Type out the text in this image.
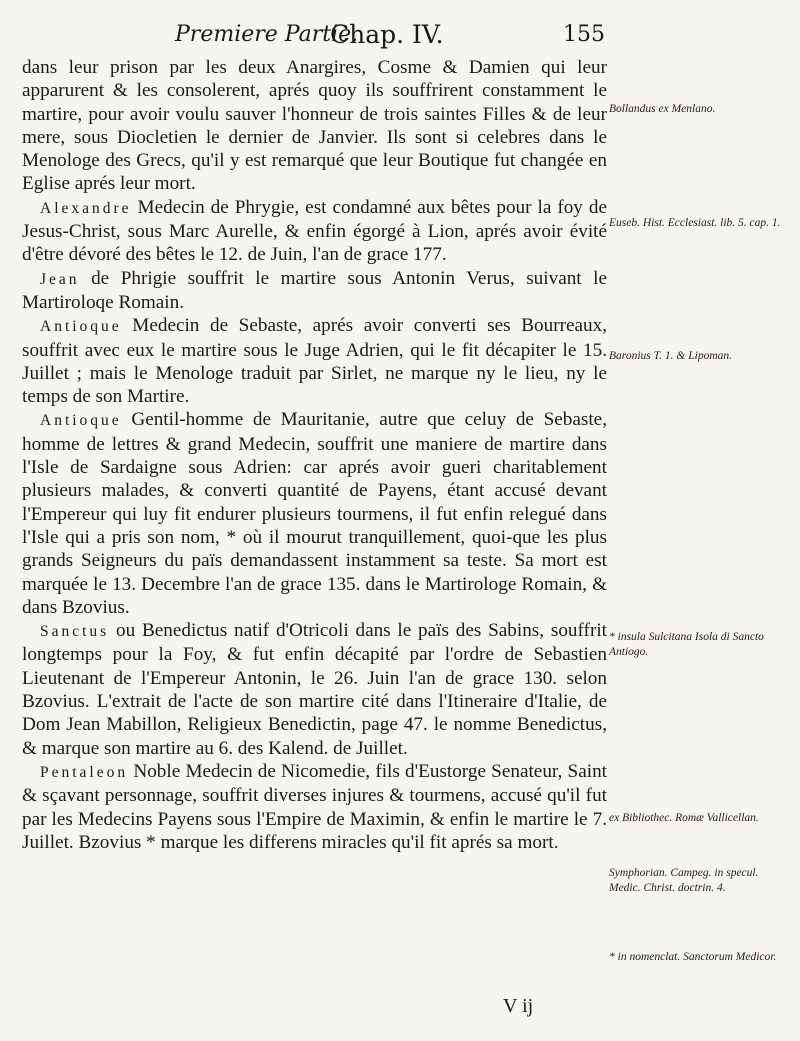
Premiere Partie.
Chap. IV.	155

dans leur prison par les deux Anargires, Cosme & Damien qui leur apparurent & les consolerent, aprés quoy ils souffrirent constamment le martire, pour avoir voulu sauver l'honneur de trois saintes Filles & de leur mere, sous Diocletien le dernier de Janvier. Ils sont si celebres dans le Menologe des Grecs, qu'il y est remarqué que leur Boutique fut changée en Eglise aprés leur mort.

Alexandre Medecin de Phrygie, est condamné aux bêtes pour la foy de Jesus-Christ, sous Marc Aurelle, & enfin égorgé à Lion, aprés avoir évité d'être dévoré des bêtes le 12. de Juin, l'an de grace 177.

Jean de Phrigie souffrit le martire sous Antonin Verus, suivant le Martiroloqe Romain.

Antioque Medecin de Sebaste, aprés avoir converti ses Bourreaux, souffrit avec eux le martire sous le Juge Adrien, qui le fit décapiter le 15. Juillet ; mais le Menologe traduit par Sirlet, ne marque ny le lieu, ny le temps de son Martire.

Antioque Gentil-homme de Mauritanie, autre que celuy de Sebaste, homme de lettres & grand Medecin, souffrit une maniere de martire dans l'Isle de Sardaigne sous Adrien: car aprés avoir gueri charitablement plusieurs malades, & converti quantité de Payens, étant accusé devant l'Empereur qui luy fit endurer plusieurs tourmens, il fut enfin relegué dans l'Isle qui a pris son nom, * où il mourut tranquillement, quoi-que les plus grands Seigneurs du païs demandassent instamment sa teste. Sa mort est marquée le 13. Decembre l'an de grace 135. dans le Martirologe Romain, & dans Bzovius.

Sanctus ou Benedictus natif d'Otricoli dans le païs des Sabins, souffrit longtemps pour la Foy, & fut enfin décapité par l'ordre de Sebastien Lieutenant de l'Empereur Antonin, le 26. Juin l'an de grace 130. selon Bzovius. L'extrait de l'acte de son martire cité dans l'Itineraire d'Italie, de Dom Jean Mabillon, Religieux Benedictin, page 47. le nomme Benedictus, & marque son martire au 6. des Kalend. de Juillet.

Pentaleon Noble Medecin de Nicomedie, fils d'Eustorge Senateur, Saint & sçavant personnage, souffrit diverses injures & tourmens, accusé qu'il fut par les Medecins Payens sous l'Empire de Maximin, & enfin le martire le 7. Juillet. Bzovius * marque les differens miracles qu'il fit aprés sa mort.

Bollandus ex Menlano.
Euseb. Hist. Ecclesiast. lib. 5. cap. 1.
Baronius T. 1. & Lipoman.
* insula Sulcitana Isola di Sancto Antiogo.
ex Bibliothec. Romæ Vallicellan.
Symphorian. Campeg. in specul. Medic. Christ. doctrin. 4.
* in nomenclat. Sanctorum Medicor.
V ij
